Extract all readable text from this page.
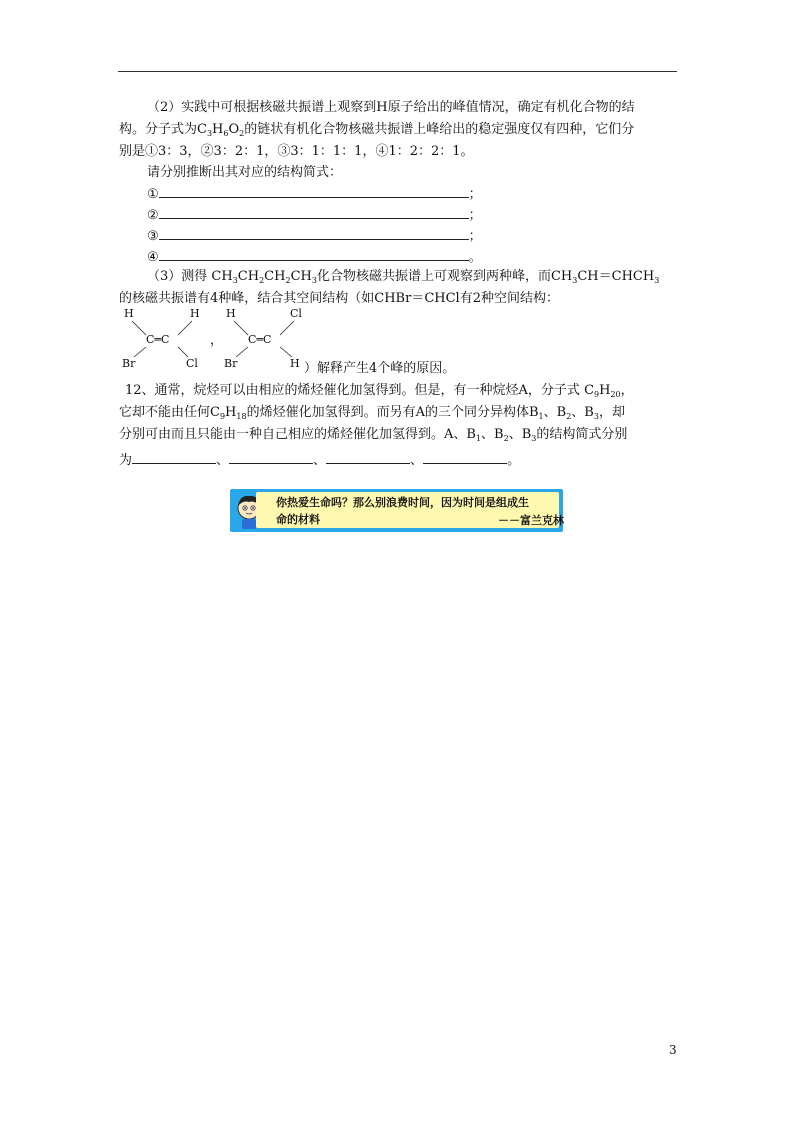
（2）实践中可根据核磁共振谱上观察到H原子给出的峰值情况，确定有机化合物的结
构。分子式为$C_3H_6O_2$的链状有机化合物核磁共振谱上峰给出的稳定强度仅有四种，它们分
别是①3：3，②3：2：1，③3：1：1：1，④1：2：2：1。
请分别推断出其对应的结构简式：
①	；
②	；
③	；
④	。
（3）测得 $CH_3CH_2CH_2CH_3$化合物核磁共振谱上可观察到两种峰，而$CH_3CH=CHCH_3$
的核磁共振谱有4种峰，结合其空间结构（如CHBr＝CHCl有2种空间结构：
H	H
C═C
Br	Cl
，
H	Cl
C═C
Br	H ）解释产生4个峰的原因。
12、通常，烷烃可以由相应的烯烃催化加氢得到。但是，有一种烷烃A，分子式 $C_9H_{20}$，
它却不能由任何$C_9H_{18}$的烯烃催化加氢得到。而另有A的三个同分异构体$B_1$、$B_2$、$B_3$，却
分别可由而且只能由一种自己相应的烯烃催化加氢得到。A、$B_1$、$B_2$、$B_3$的结构简式分别
为	、	、	、	。
你热爱生命吗？那么别浪费时间，因为时间是组成生
命的材料	－－富兰克林
3
